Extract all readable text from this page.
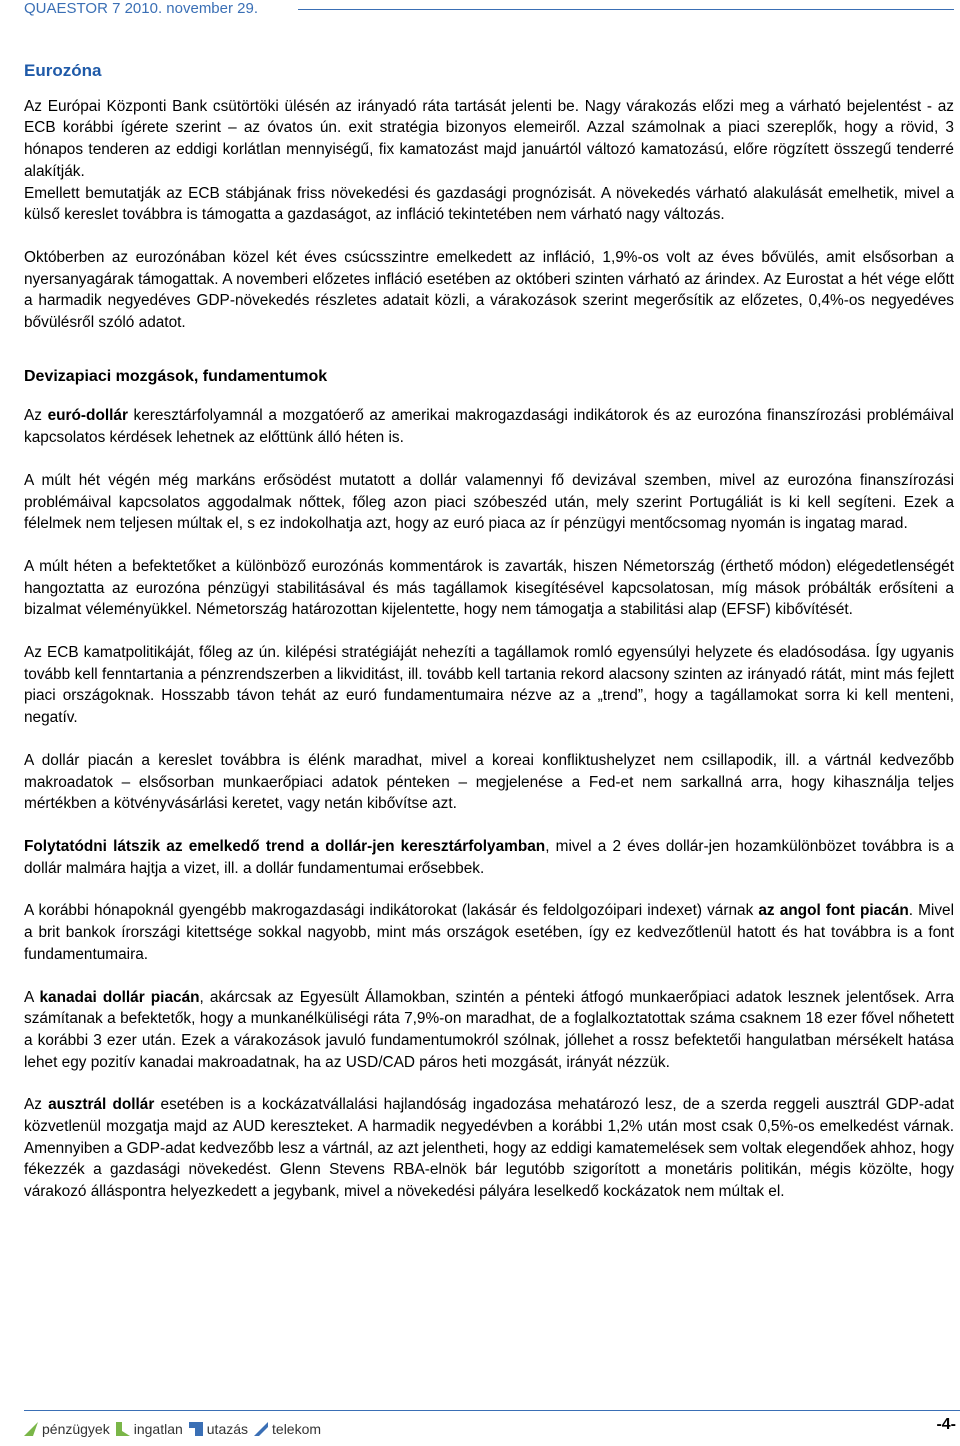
QUAESTOR 7 2010. november 29.
Eurozóna

Az Európai Központi Bank csütörtöki ülésén az irányadó ráta tartását jelenti be. Nagy várakozás előzi meg a várható bejelentést - az ECB korábbi ígérete szerint – az óvatos ún. exit stratégia bizonyos elemeiről. Azzal számolnak a piaci szereplők, hogy a rövid, 3 hónapos tenderen az eddigi korlátlan mennyiségű, fix kamatozást majd januártól változó kamatozású, előre rögzített összegű tenderré alakítják.

Emellett bemutatják az ECB stábjának friss növekedési és gazdasági prognózisát. A növekedés várható alakulását emelhetik, mivel a külső kereslet továbbra is támogatta a gazdaságot, az infláció tekintetében nem várható nagy változás.

Októberben az eurozónában közel két éves csúcsszintre emelkedett az infláció, 1,9%-os volt az éves bővülés, amit elsősorban a nyersanyagárak támogattak. A novemberi előzetes infláció esetében az októberi szinten várható az árindex. Az Eurostat a hét vége előtt a harmadik negyedéves GDP-növekedés részletes adatait közli, a várakozások szerint megerősítik az előzetes, 0,4%-os negyedéves bővülésről szóló adatot.

Devizapiaci mozgások, fundamentumok

Az euró-dollár keresztárfolyamnál a mozgatóerő az amerikai makrogazdasági indikátorok és az eurozóna finanszírozási problémáival kapcsolatos kérdések lehetnek az előttünk álló héten is.

A múlt hét végén még markáns erősödést mutatott a dollár valamennyi fő devizával szemben, mivel az eurozóna finanszírozási problémáival kapcsolatos aggodalmak nőttek, főleg azon piaci szóbeszéd után, mely szerint Portugáliát is ki kell segíteni. Ezek a félelmek nem teljesen múltak el, s ez indokolhatja azt, hogy az euró piaca az ír pénzügyi mentőcsomag nyomán is ingatag marad.

A múlt héten a befektetőket a különböző eurozónás kommentárok is zavarták, hiszen Németország (érthető módon) elégedetlenségét hangoztatta az eurozóna pénzügyi stabilitásával és más tagállamok kisegítésével kapcsolatosan, míg mások próbálták erősíteni a bizalmat véleményükkel. Németország határozottan kijelentette, hogy nem támogatja a stabilitási alap (EFSF) kibővítését.

Az ECB kamatpolitikáját, főleg az ún. kilépési stratégiáját nehezíti a tagállamok romló egyensúlyi helyzete és eladósodása. Így ugyanis tovább kell fenntartania a pénzrendszerben a likviditást, ill. tovább kell tartania rekord alacsony szinten az irányadó rátát, mint más fejlett piaci országoknak. Hosszabb távon tehát az euró fundamentumaira nézve az a „trend”, hogy a tagállamokat sorra ki kell menteni, negatív.

A dollár piacán a kereslet továbbra is élénk maradhat, mivel a koreai konfliktushelyzet nem csillapodik, ill. a vártnál kedvezőbb makroadatok – elsősorban munkaerőpiaci adatok pénteken – megjelenése a Fed-et nem sarkallná arra, hogy kihasználja teljes mértékben a kötvényvásárlási keretet, vagy netán kibővítse azt.

Folytatódni látszik az emelkedő trend a dollár-jen keresztárfolyamban, mivel a 2 éves dollár-jen hozamkülönbözet továbbra is a dollár malmára hajtja a vizet, ill. a dollár fundamentumai erősebbek.

A korábbi hónapoknál gyengébb makrogazdasági indikátorokat (lakásár és feldolgozóipari indexet) várnak az angol font piacán. Mivel a brit bankok írországi kitettsége sokkal nagyobb, mint más országok esetében, így ez kedvezőtlenül hatott és hat továbbra is a font fundamentumaira.

A kanadai dollár piacán, akárcsak az Egyesült Államokban, szintén a pénteki átfogó munkaerőpiaci adatok lesznek jelentősek. Arra számítanak a befektetők, hogy a munkanélküliségi ráta 7,9%-on maradhat, de a foglalkoztatottak száma csaknem 18 ezer fővel nőhetett a korábbi 3 ezer után. Ezek a várakozások javuló fundamentumokról szólnak, jóllehet a rossz befektetői hangulatban mérsékelt hatása lehet egy pozitív kanadai makroadatnak, ha az USD/CAD páros heti mozgását, irányát nézzük.

Az ausztrál dollár esetében is a kockázatvállalási hajlandóság ingadozása mehatározó lesz, de a szerda reggeli ausztrál GDP-adat közvetlenül mozgatja majd az AUD kereszteket. A harmadik negyedévben a korábbi 1,2% után most csak 0,5%-os emelkedést várnak. Amennyiben a GDP-adat kedvezőbb lesz a vártnál, az azt jelentheti, hogy az eddigi kamatemelések sem voltak elegendőek ahhoz, hogy fékezzék a gazdasági növekedést. Glenn Stevens RBA-elnök bár legutóbb szigorított a monetáris politikán, mégis közölte, hogy várakozó álláspontra helyezkedett a jegybank, mivel a növekedési pályára leselkedő kockázatok nem múltak el.

pénzügyek ingatlan utazás telekom	-4-
